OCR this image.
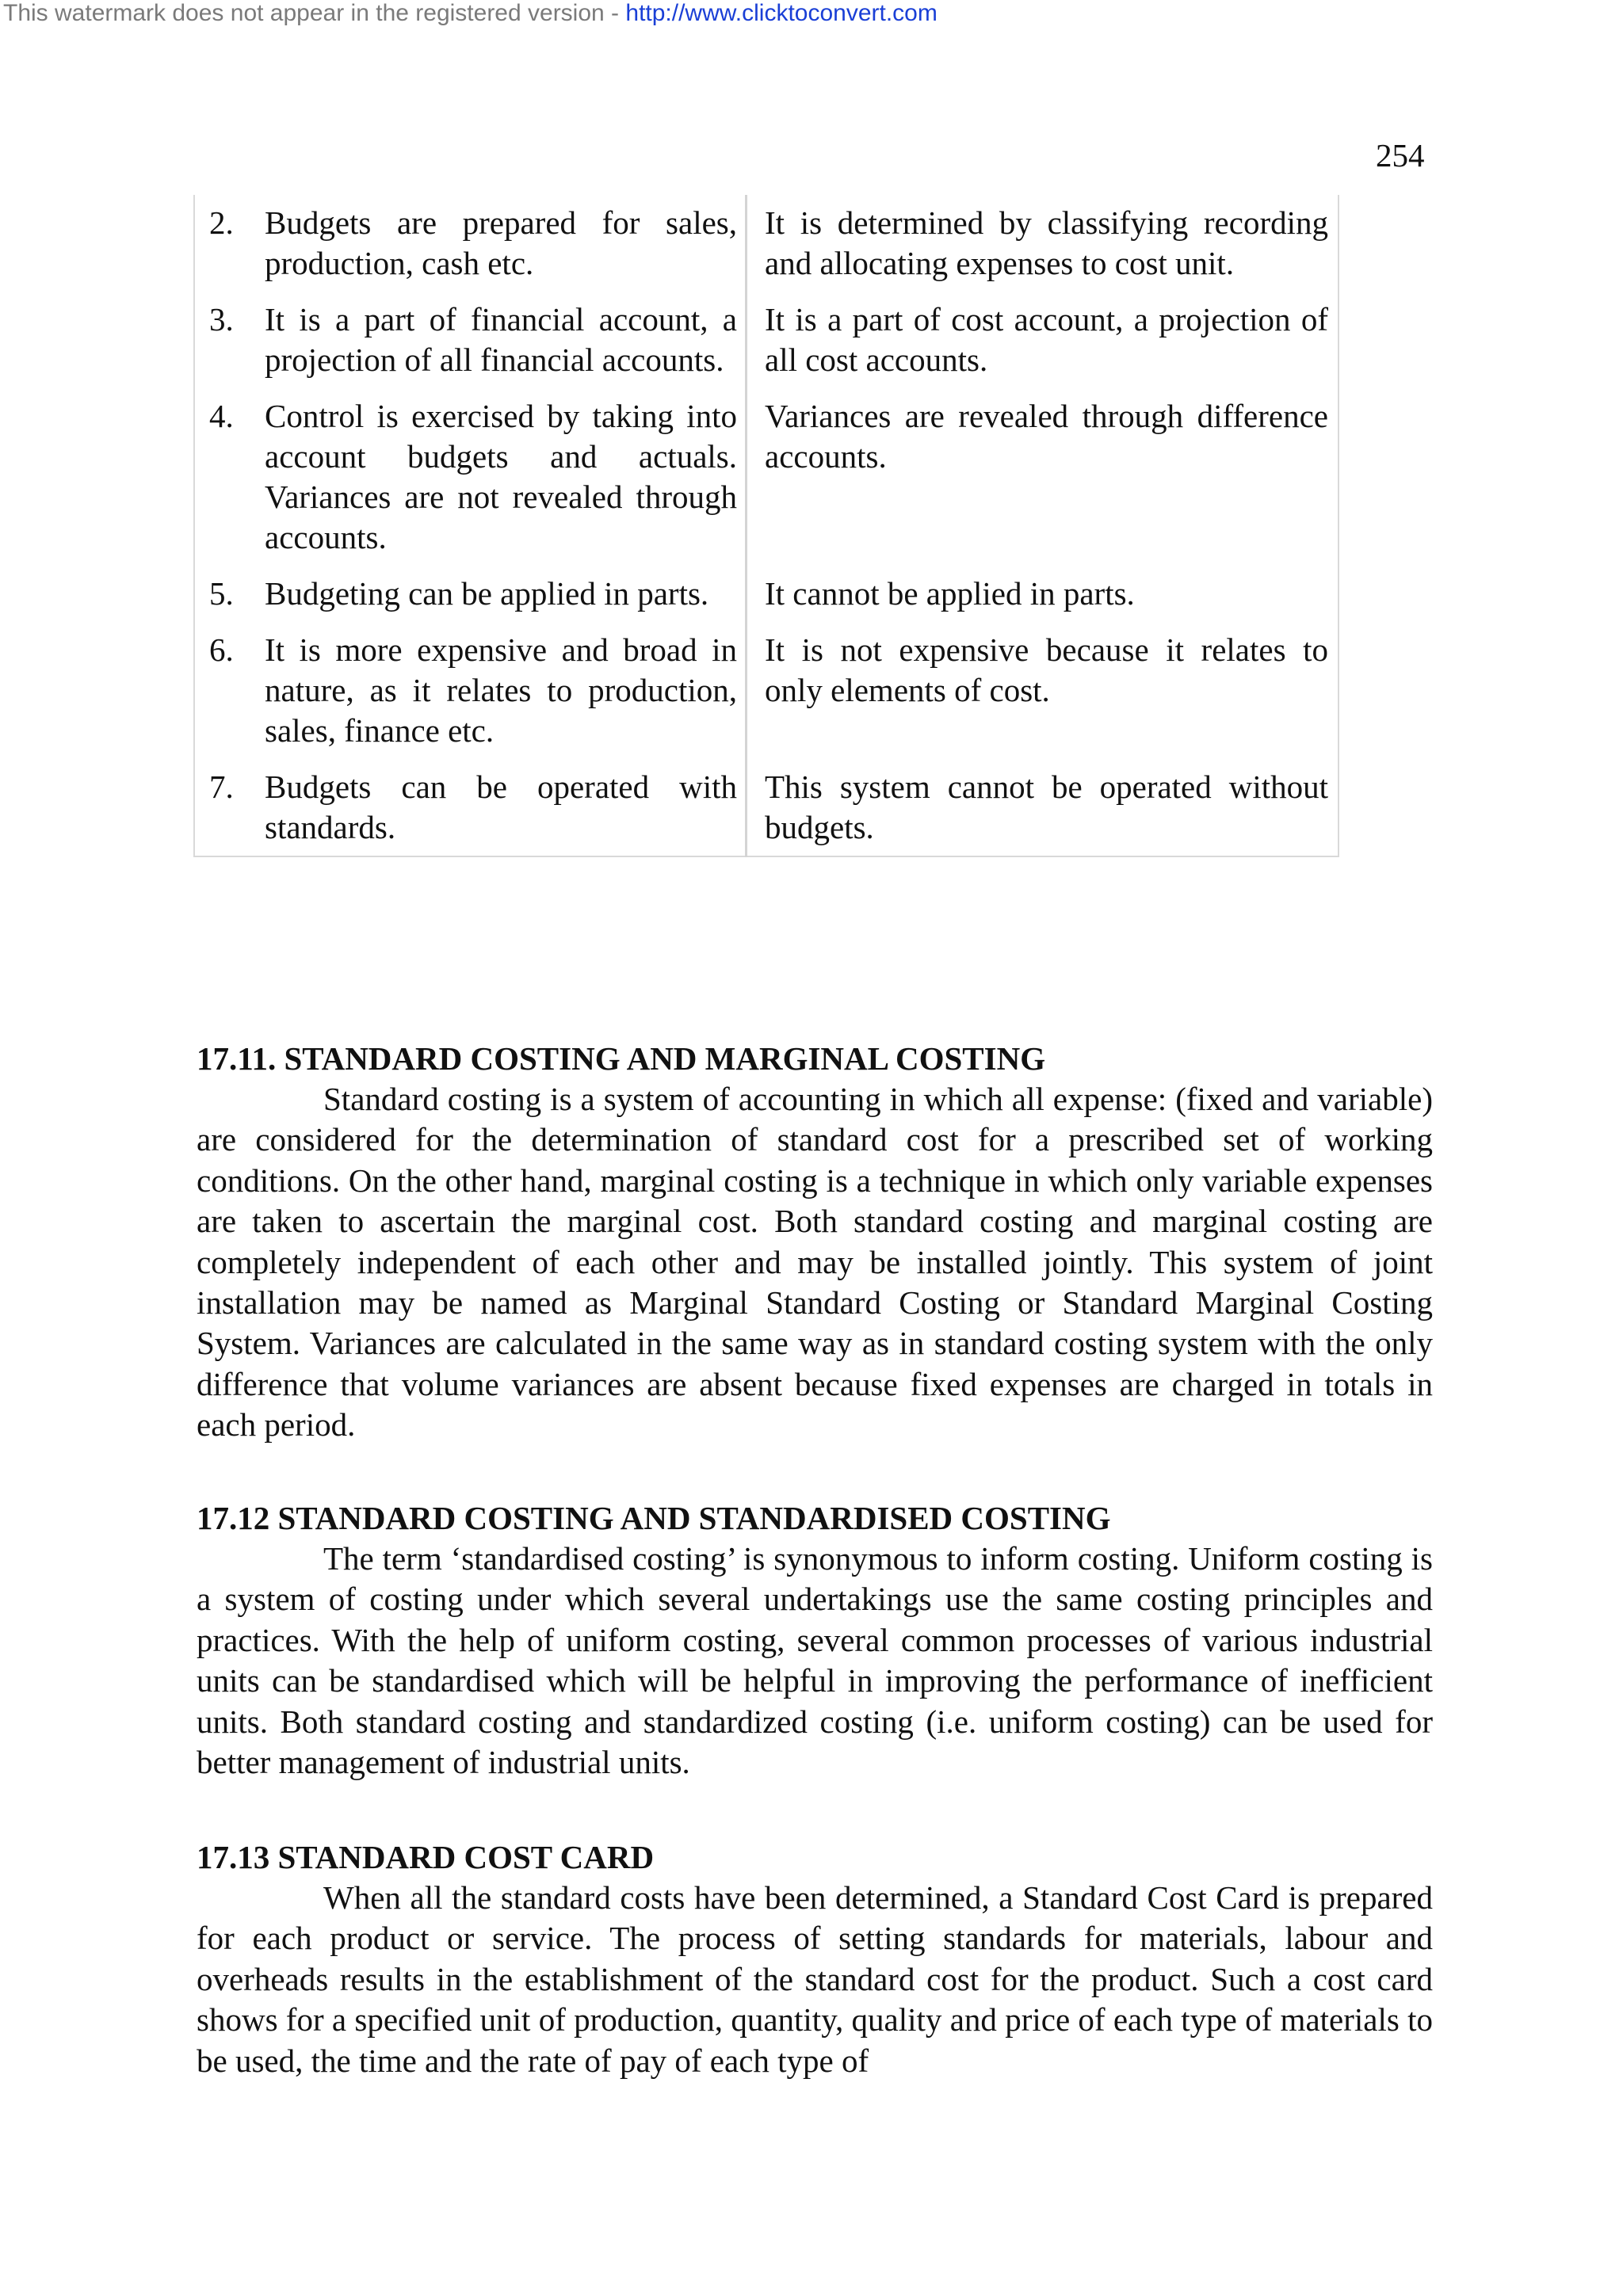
This watermark does not appear in the registered version - http://www.clicktoconvert.com
254
2.	Budgets are prepared for sales, production, cash etc.	It is determined by classifying recording and allocating expenses to cost unit.
3.	It is a part of financial account, a projection of all financial accounts.	It is a part of cost account, a projection of all cost accounts.
4.	Control is exercised by taking into account budgets and actuals. Variances are not revealed through accounts.	Variances are revealed through difference accounts.
5.	Budgeting can be applied in parts.	It cannot be applied in parts.
6.	It is more expensive and broad in nature, as it relates to production, sales, finance etc.	It is not expensive because it relates to only elements of cost.
7.	Budgets can be operated with standards.	This system cannot be operated without budgets.
17.11. STANDARD COSTING AND MARGINAL COSTING

Standard costing is a system of accounting in which all expense: (fixed and variable) are considered for the determination of standard cost for a prescribed set of working conditions. On the other hand, marginal costing is a technique in which only variable expenses are taken to ascertain the marginal cost. Both standard costing and marginal costing are completely independent of each other and may be installed jointly. This system of joint installation may be named as Marginal Standard Costing or Standard Marginal Costing System. Variances are calculated in the same way as in standard costing system with the only difference that volume variances are absent because fixed expenses are charged in totals in each period.

17.12 STANDARD COSTING AND STANDARDISED COSTING

The term ‘standardised costing’ is synonymous to inform costing. Uniform costing is a system of costing under which several undertakings use the same costing principles and practices. With the help of uniform costing, several common processes of various industrial units can be standardised which will be helpful in improving the performance of inefficient units. Both standard costing and standardized costing (i.e. uniform costing) can be used for better management of industrial units.

17.13 STANDARD COST CARD

When all the standard costs have been determined, a Standard Cost Card is prepared for each product or service. The process of setting standards for materials, labour and overheads results in the establishment of the standard cost for the product. Such a cost card shows for a specified unit of production, quantity, quality and price of each type of materials to be used, the time and the rate of pay of each type of
